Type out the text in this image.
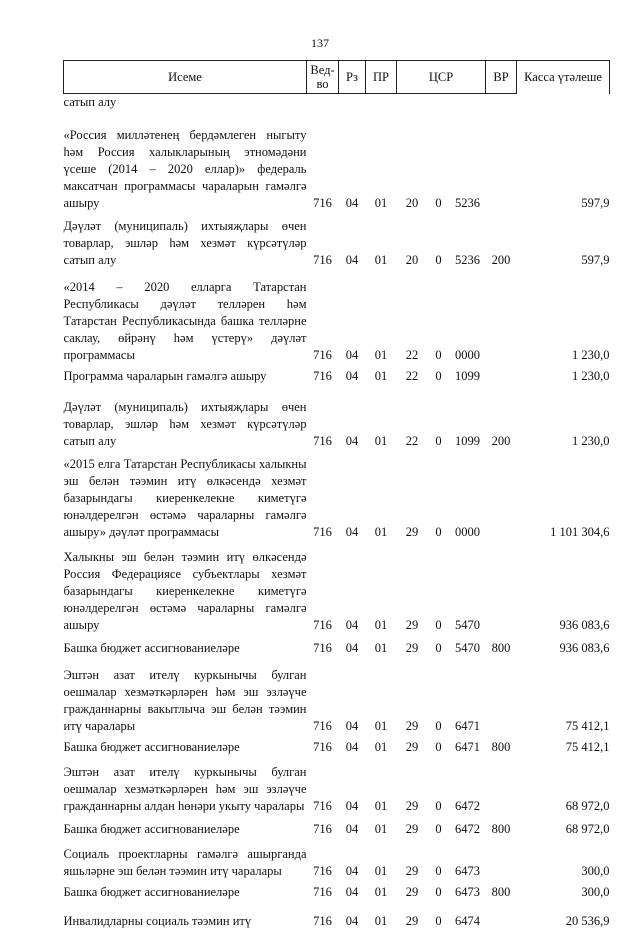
137
Исеме	Вед-во	Рз	ПР	ЦСР			ВР	Касса үтәлеше
сатып алу								
«Россия милләтенең бердәмлеген ныгыту һәм Россия халыкларының этномәдәни үсеше (2014 – 2020 еллар)» федераль максатчан программасы чараларын гамәлгә ашыру	716	04	01	20	0	5236		597,9
Дәүләт (муниципаль) ихтыяҗлары өчен товарлар, эшләр һәм хезмәт күрсәтүләр сатып алу	716	04	01	20	0	5236	200	597,9
«2014 – 2020 елларга Татарстан Республикасы дәүләт телләрен һәм Татарстан Республикасында башка телләрне саклау, өйрәнү һәм үстерү» дәүләт программасы	716	04	01	22	0	0000		1 230,0
Программа чараларын гамәлгә ашыру	716	04	01	22	0	1099		1 230,0
Дәүләт (муниципаль) ихтыяҗлары өчен товарлар, эшләр һәм хезмәт күрсәтүләр сатып алу	716	04	01	22	0	1099	200	1 230,0
«2015 елга Татарстан Республикасы халыкны эш белән тәэмин итү өлкәсендә хезмәт базарындагы киеренкелекне киметүгә юнәлдерелгән өстәмә чараларны гамәлгә ашыру» дәүләт программасы	716	04	01	29	0	0000		1 101 304,6
Халыкны эш белән тәэмин итү өлкәсендә Россия Федерациясе субъектлары хезмәт базарындагы киеренкелекне киметүгә юнәлдерелгән өстәмә чараларны гамәлгә ашыру	716	04	01	29	0	5470		936 083,6
Башка бюджет ассигнованиеләре	716	04	01	29	0	5470	800	936 083,6
Эштән азат ителү куркынычы булган оешмалар хезмәткәрләрен һәм эш эзләүче гражданнарны вакытлыча эш белән тәэмин итү чаралары	716	04	01	29	0	6471		75 412,1
Башка бюджет ассигнованиеләре	716	04	01	29	0	6471	800	75 412,1
Эштән азат ителү куркынычы булган оешмалар хезмәткәрләрен һәм эш эзләүче гражданнарны алдан һөнәри укыту чаралары	716	04	01	29	0	6472		68 972,0
Башка бюджет ассигнованиеләре	716	04	01	29	0	6472	800	68 972,0
Социаль проектларны гамәлгә ашырганда яшьләрне эш белән тәэмин итү чаралары	716	04	01	29	0	6473		300,0
Башка бюджет ассигнованиеләре	716	04	01	29	0	6473	800	300,0
Инвалидларны социаль тәэмин итү	716	04	01	29	0	6474		20 536,9
